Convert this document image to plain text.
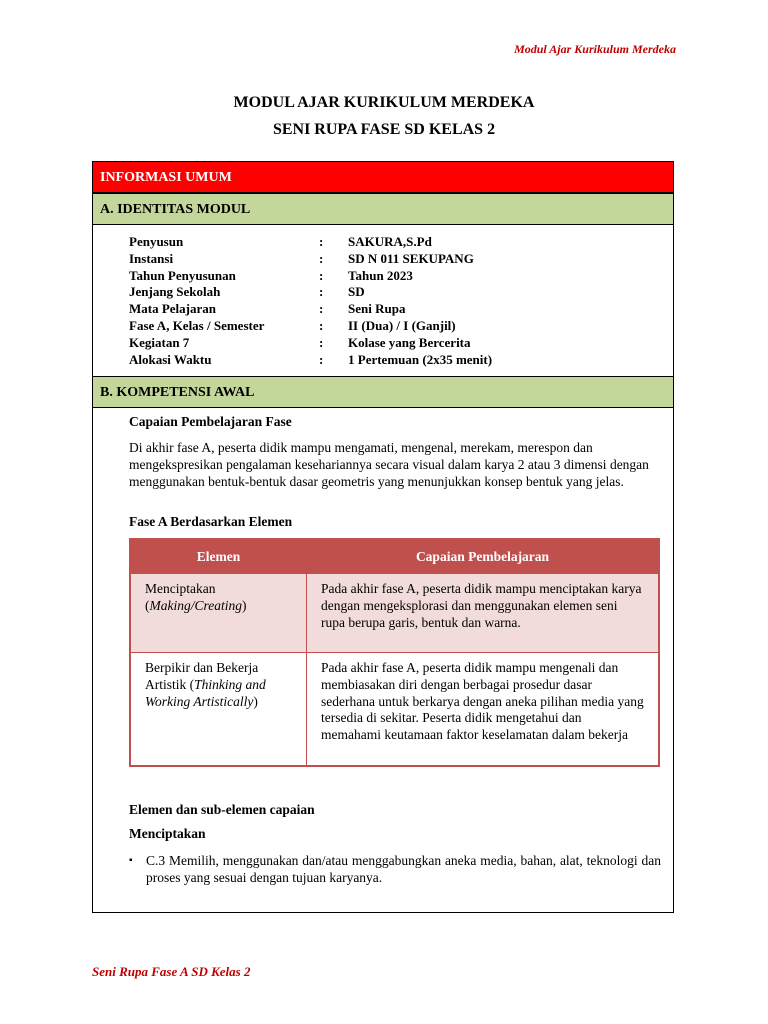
Modul Ajar Kurikulum Merdeka
MODUL AJAR KURIKULUM MERDEKA
SENI RUPA FASE SD KELAS 2
INFORMASI UMUM
A. IDENTITAS MODUL
Penyusun	: SAKURA,S.Pd
Instansi	: SD N 011 SEKUPANG
Tahun Penyusunan	: Tahun 2023
Jenjang Sekolah	: SD
Mata Pelajaran	: Seni Rupa
Fase A, Kelas / Semester	: II (Dua) / I (Ganjil)
Kegiatan 7	: Kolase yang Bercerita
Alokasi Waktu	: 1 Pertemuan (2x35 menit)
B. KOMPETENSI AWAL
Capaian Pembelajaran Fase
Di akhir fase A, peserta didik mampu mengamati, mengenal, merekam, merespon dan mengekspresikan pengalaman kesehariannya secara visual dalam karya 2 atau 3 dimensi dengan menggunakan bentuk-bentuk dasar geometris yang menunjukkan konsep bentuk yang jelas.
Fase A Berdasarkan Elemen
Elemen	Capaian Pembelajaran
Menciptakan
(Making/Creating)	Pada akhir fase A, peserta didik mampu menciptakan karya dengan mengeksplorasi dan menggunakan elemen seni rupa berupa garis, bentuk dan warna.
Berpikir dan Bekerja Artistik (Thinking and Working Artistically)	Pada akhir fase A, peserta didik mampu mengenali dan membiasakan diri dengan berbagai prosedur dasar sederhana untuk berkarya dengan aneka pilihan media yang tersedia di sekitar. Peserta didik mengetahui dan memahami keutamaan faktor keselamatan dalam bekerja
Elemen dan sub-elemen capaian
Menciptakan
▪ C.3 Memilih, menggunakan dan/atau menggabungkan aneka media, bahan, alat, teknologi dan proses yang sesuai dengan tujuan karyanya.
Seni Rupa Fase A SD Kelas 2
